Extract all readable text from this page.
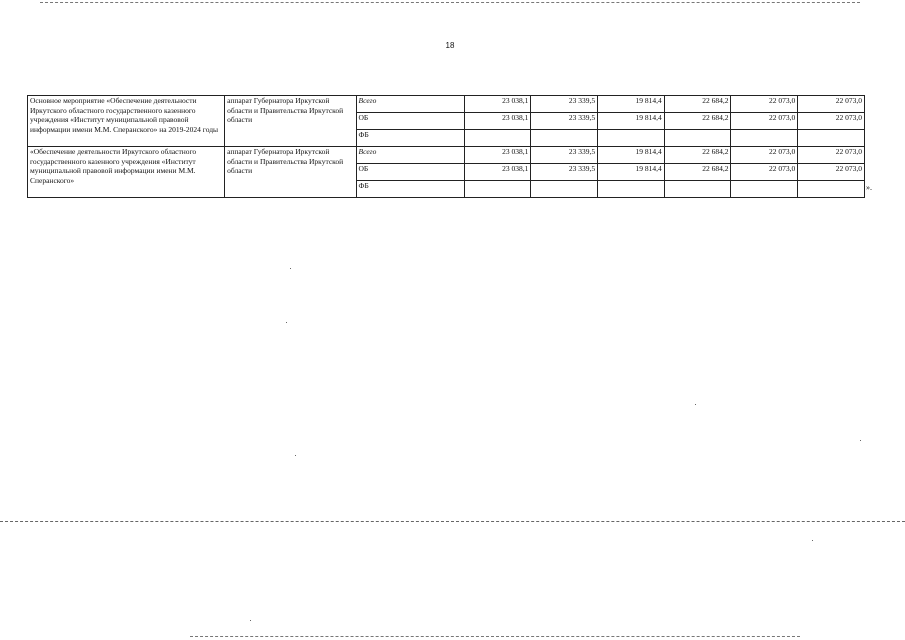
18
Основное мероприятие «Обеспечение деятельности Иркутского областного государственного казенного учреждения «Институт муниципальной правовой информации имени М.М. Сперанского» на 2019-2024 годы	аппарат Губернатора Иркутской области и Правительства Иркутской области	Всего	23 038,1	23 339,5	19 814,4	22 684,2	22 073,0	22 073,0
		ОБ	23 038,1	23 339,5	19 814,4	22 684,2	22 073,0	22 073,0
		ФБ						
«Обеспечение деятельности Иркутского областного государственного казенного учреждения «Институт муниципальной правовой информации имени М.М. Сперанского»	аппарат Губернатора Иркутской области и Правительства Иркутской области	Всего	23 038,1	23 339,5	19 814,4	22 684,2	22 073,0	22 073,0
		ОБ	23 038,1	23 339,5	19 814,4	22 684,2	22 073,0	22 073,0
		ФБ							».
